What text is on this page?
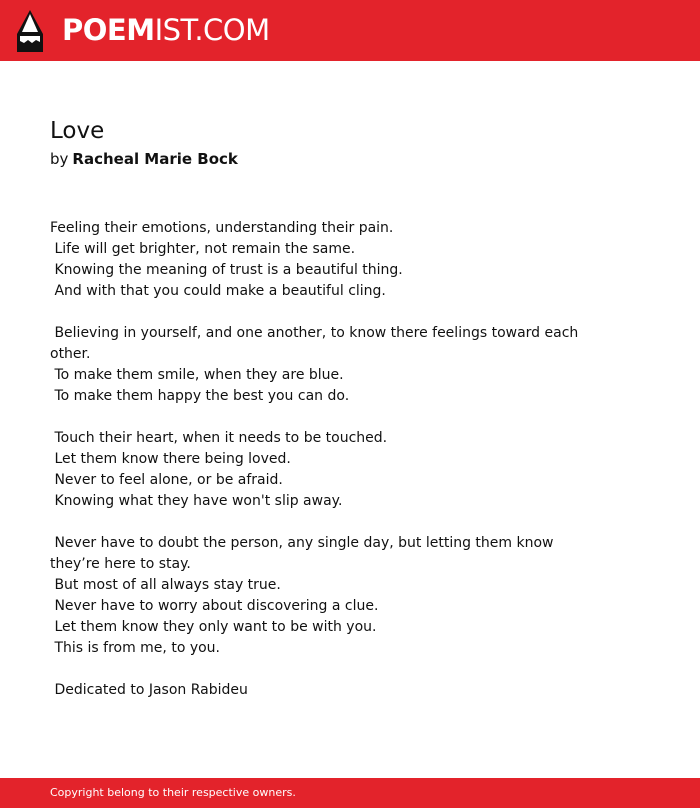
POEMIST.COM
Love
by Racheal Marie Bock
Feeling their emotions, understanding their pain.
Life will get brighter, not remain the same.
Knowing the meaning of trust is a beautiful thing.
And with that you could make a beautiful cling.

Believing in yourself, and one another, to know there feelings toward each
other.
To make them smile, when they are blue.
To make them happy the best you can do.

Touch their heart, when it needs to be touched.
Let them know there being loved.
Never to feel alone, or be afraid.
Knowing what they have won't slip away.

Never have to doubt the person, any single day, but letting them know
they’re here to stay.
But most of all always stay true.
Never have to worry about discovering a clue.
Let them know they only want to be with you.
This is from me, to you.

Dedicated to Jason Rabideu
Copyright belong to their respective owners.
